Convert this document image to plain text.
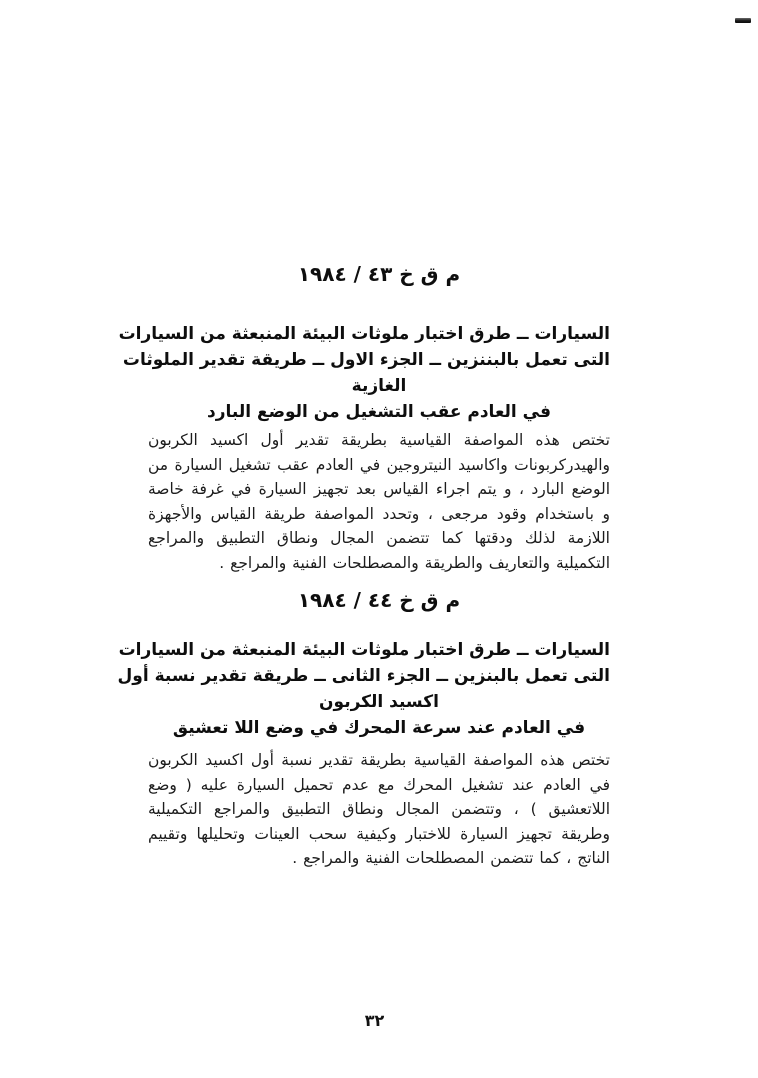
م ق خ ٤٣ / ١٩٨٤
السيارات ــ طرق اختبار ملوثات البيئة المنبعثة من السيارات
التى تعمل بالبننزين ــ الجزء الاول ــ طريقة تقدير الملوثات
الغازية
في العادم عقب التشغيل من الوضع البارد
تختص هذه المواصفة القياسية بطريقة تقدير أول اكسيد الكربون
والهيدركربونات واكاسيد النيتروجين في العادم عقب تشغيل السيارة من
الوضع البارد ، و يتم اجراء القياس بعد تجهيز السيارة في غرفة خاصة
و باستخدام وقود مرجعى ، وتحدد المواصفة طريقة القياس والأجهزة
اللازمة لذلك ودقتها كما تتضمن المجال ونطاق التطبيق والمراجع
التكميلية والتعاريف والطريقة والمصطلحات الفنية والمراجع .
م ق خ ٤٤ / ١٩٨٤
السيارات ــ طرق اختبار ملوثات البيئة المنبعثة من السيارات
التى تعمل بالبنزين ــ الجزء الثانى ــ طريقة تقدير نسبة أول
اكسيد الكربون
في العادم عند سرعة المحرك في وضع اللا تعشيق
تختص هذه المواصفة القياسية بطريقة تقدير نسبة أول اكسيد الكربون
في العادم عند تشغيل المحرك مع عدم تحميل السيارة عليه ( وضع
اللاتعشيق ) ، وتتضمن المجال ونطاق التطبيق والمراجع التكميلية
وطريقة تجهيز السيارة للاختبار وكيفية سحب العينات وتحليلها وتقييم
الناتج ، كما تتضمن المصطلحات الفنية والمراجع .
٣٢
